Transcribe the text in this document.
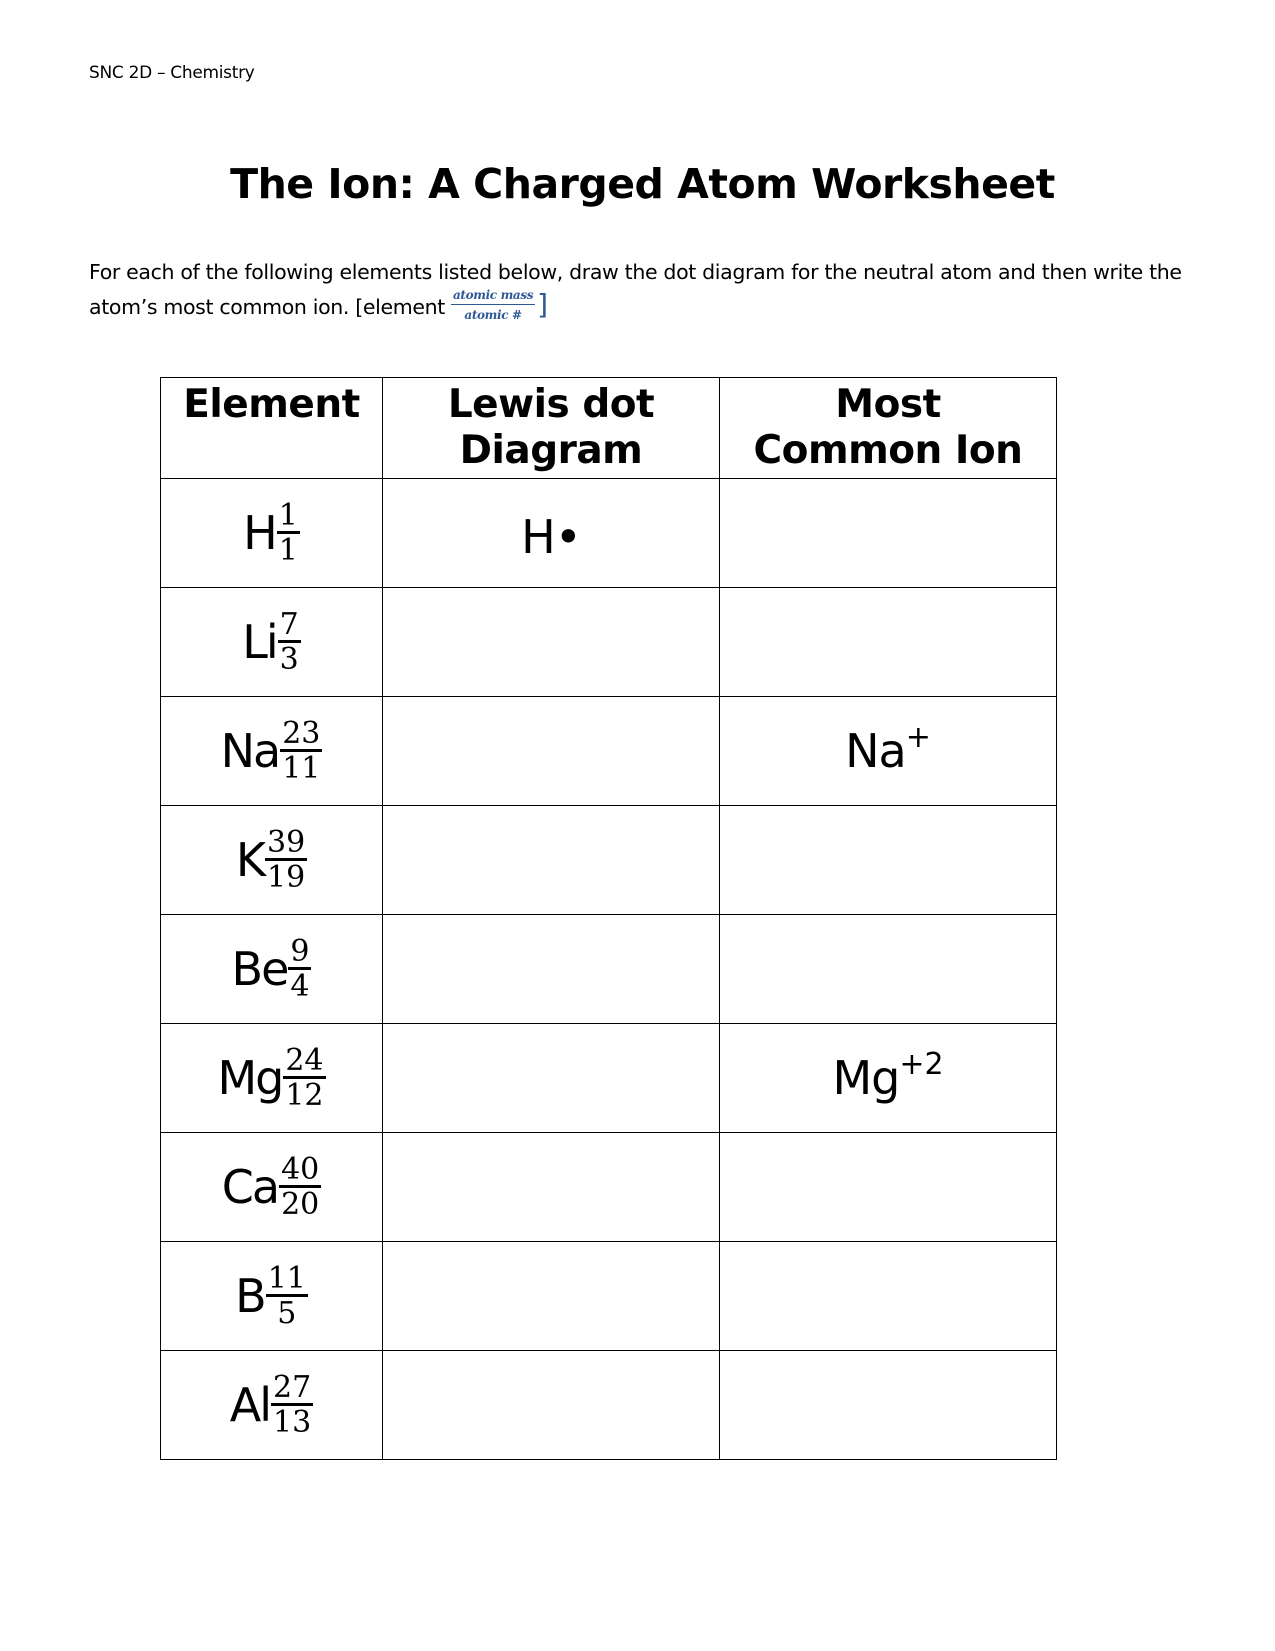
SNC 2D – Chemistry
The Ion: A Charged Atom Worksheet
For each of the following elements listed below, draw the dot diagram for the neutral atom and then write the atom’s most common ion. [element $\frac{\text{atomic mass}}{\text{atomic \#}}$ ]
Element	Lewis dot Diagram	Most Common Ion

H $\frac{1}{1}$	H•	

Li $\frac{7}{3}$

Na $\frac{23}{11}$		Na+

K $\frac{39}{19}$

Be $\frac{9}{4}$

Mg $\frac{24}{12}$		$Mg^{+2}$

Ca $\frac{40}{20}$

B $\frac{11}{5}$

Al $\frac{27}{13}$
